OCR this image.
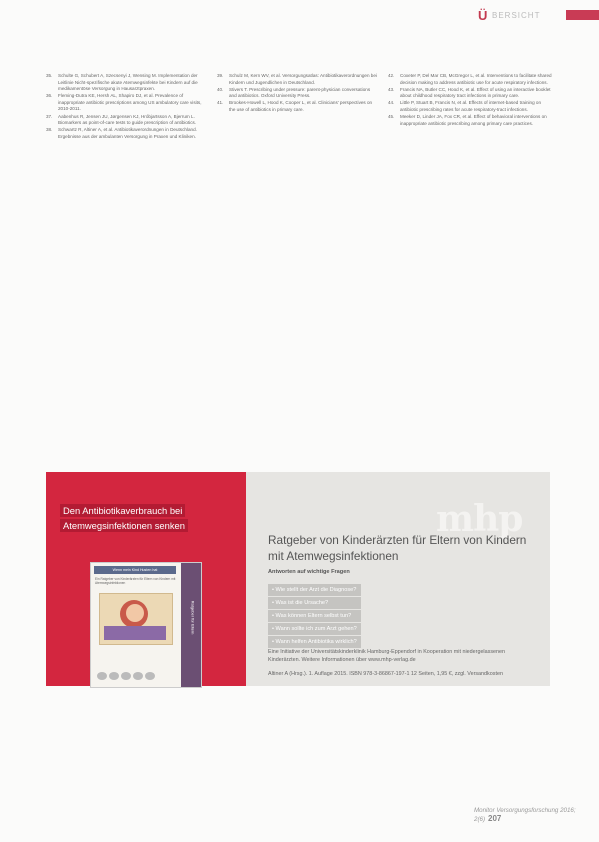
Ü BERSICHT
35. Schulte G, Schubert A, Szecsenyi J, Wensing M. Implementation der Leitlinie Nicht-spezifische akute Atemwegsinfekte bei Kindern auf die medikamentöse Versorgung in Hausarztpraxen.
36. Fleming-Dutra KE, Hersh AL, Shapiro DJ, et al. Prevalence of inappropriate antibiotic prescriptions among US ambulatory care visits, 2010-2011.
37. Aabenhus R, Jensen JU, Jørgensen KJ, Hróbjartsson A, Bjerrum L. Biomarkers as point-of-care tests to guide prescription of antibiotics.
38. Schwartz R, Altiner A, et al. Antibiotikaverordnungen in Deutschland. Ergebnisse aus der ambulanten Versorgung in Praxen und Kliniken.
39. Schulz M, Kern WV, et al. Versorgungsatlas: Antibiotikaverordnungen bei Kindern und Jugendlichen in Deutschland.
40. Stivers T. Prescribing under pressure: parent-physician conversations and antibiotics. Oxford University Press.
41. Brookes-Howell L, Hood K, Cooper L, et al. Clinicians' perspectives on the use of antibiotics in primary care.
42. Coxeter P, Del Mar CB, McGregor L, et al. Interventions to facilitate shared decision making to address antibiotic use for acute respiratory infections.
43. Francis NA, Butler CC, Hood K, et al. Effect of using an interactive booklet about childhood respiratory tract infections in primary care.
44. Little P, Stuart B, Francis N, et al. Effects of internet-based training on antibiotic prescribing rates for acute respiratory-tract infections.
45. Meeker D, Linder JA, Fox CR, et al. Effect of behavioral interventions on inappropriate antibiotic prescribing among primary care practices.
Den Antibiotikaverbrauch bei
Atemwegsinfektionen senken
Wenn mein Kind Husten hat
Ein Ratgeber von Kinderärzten für Eltern von Kindern mit Atemwegsinfektionen
Ratgeber für Eltern
mhp
Ratgeber von Kinderärzten für Eltern von Kindern mit Atemwegsinfektionen
Antworten auf wichtige Fragen
• Wie stellt der Arzt die Diagnose?
• Was ist die Ursache?
• Was können Eltern selbst tun?
• Wann sollte ich zum Arzt gehen?
• Wann helfen Antibiotika wirklich?
Eine Initiative der Universitätskinderklinik Hamburg-Eppendorf in Kooperation mit niedergelassenen Kinderärzten. Weitere Informationen über www.mhp-verlag.de
Altiner A (Hrsg.). 1. Auflage 2015. ISBN 978-3-86867-197-1 12 Seiten, 1,95 €, zzgl. Versandkosten
Monitor Versorgungsforschung 2016; 2(6) 207
